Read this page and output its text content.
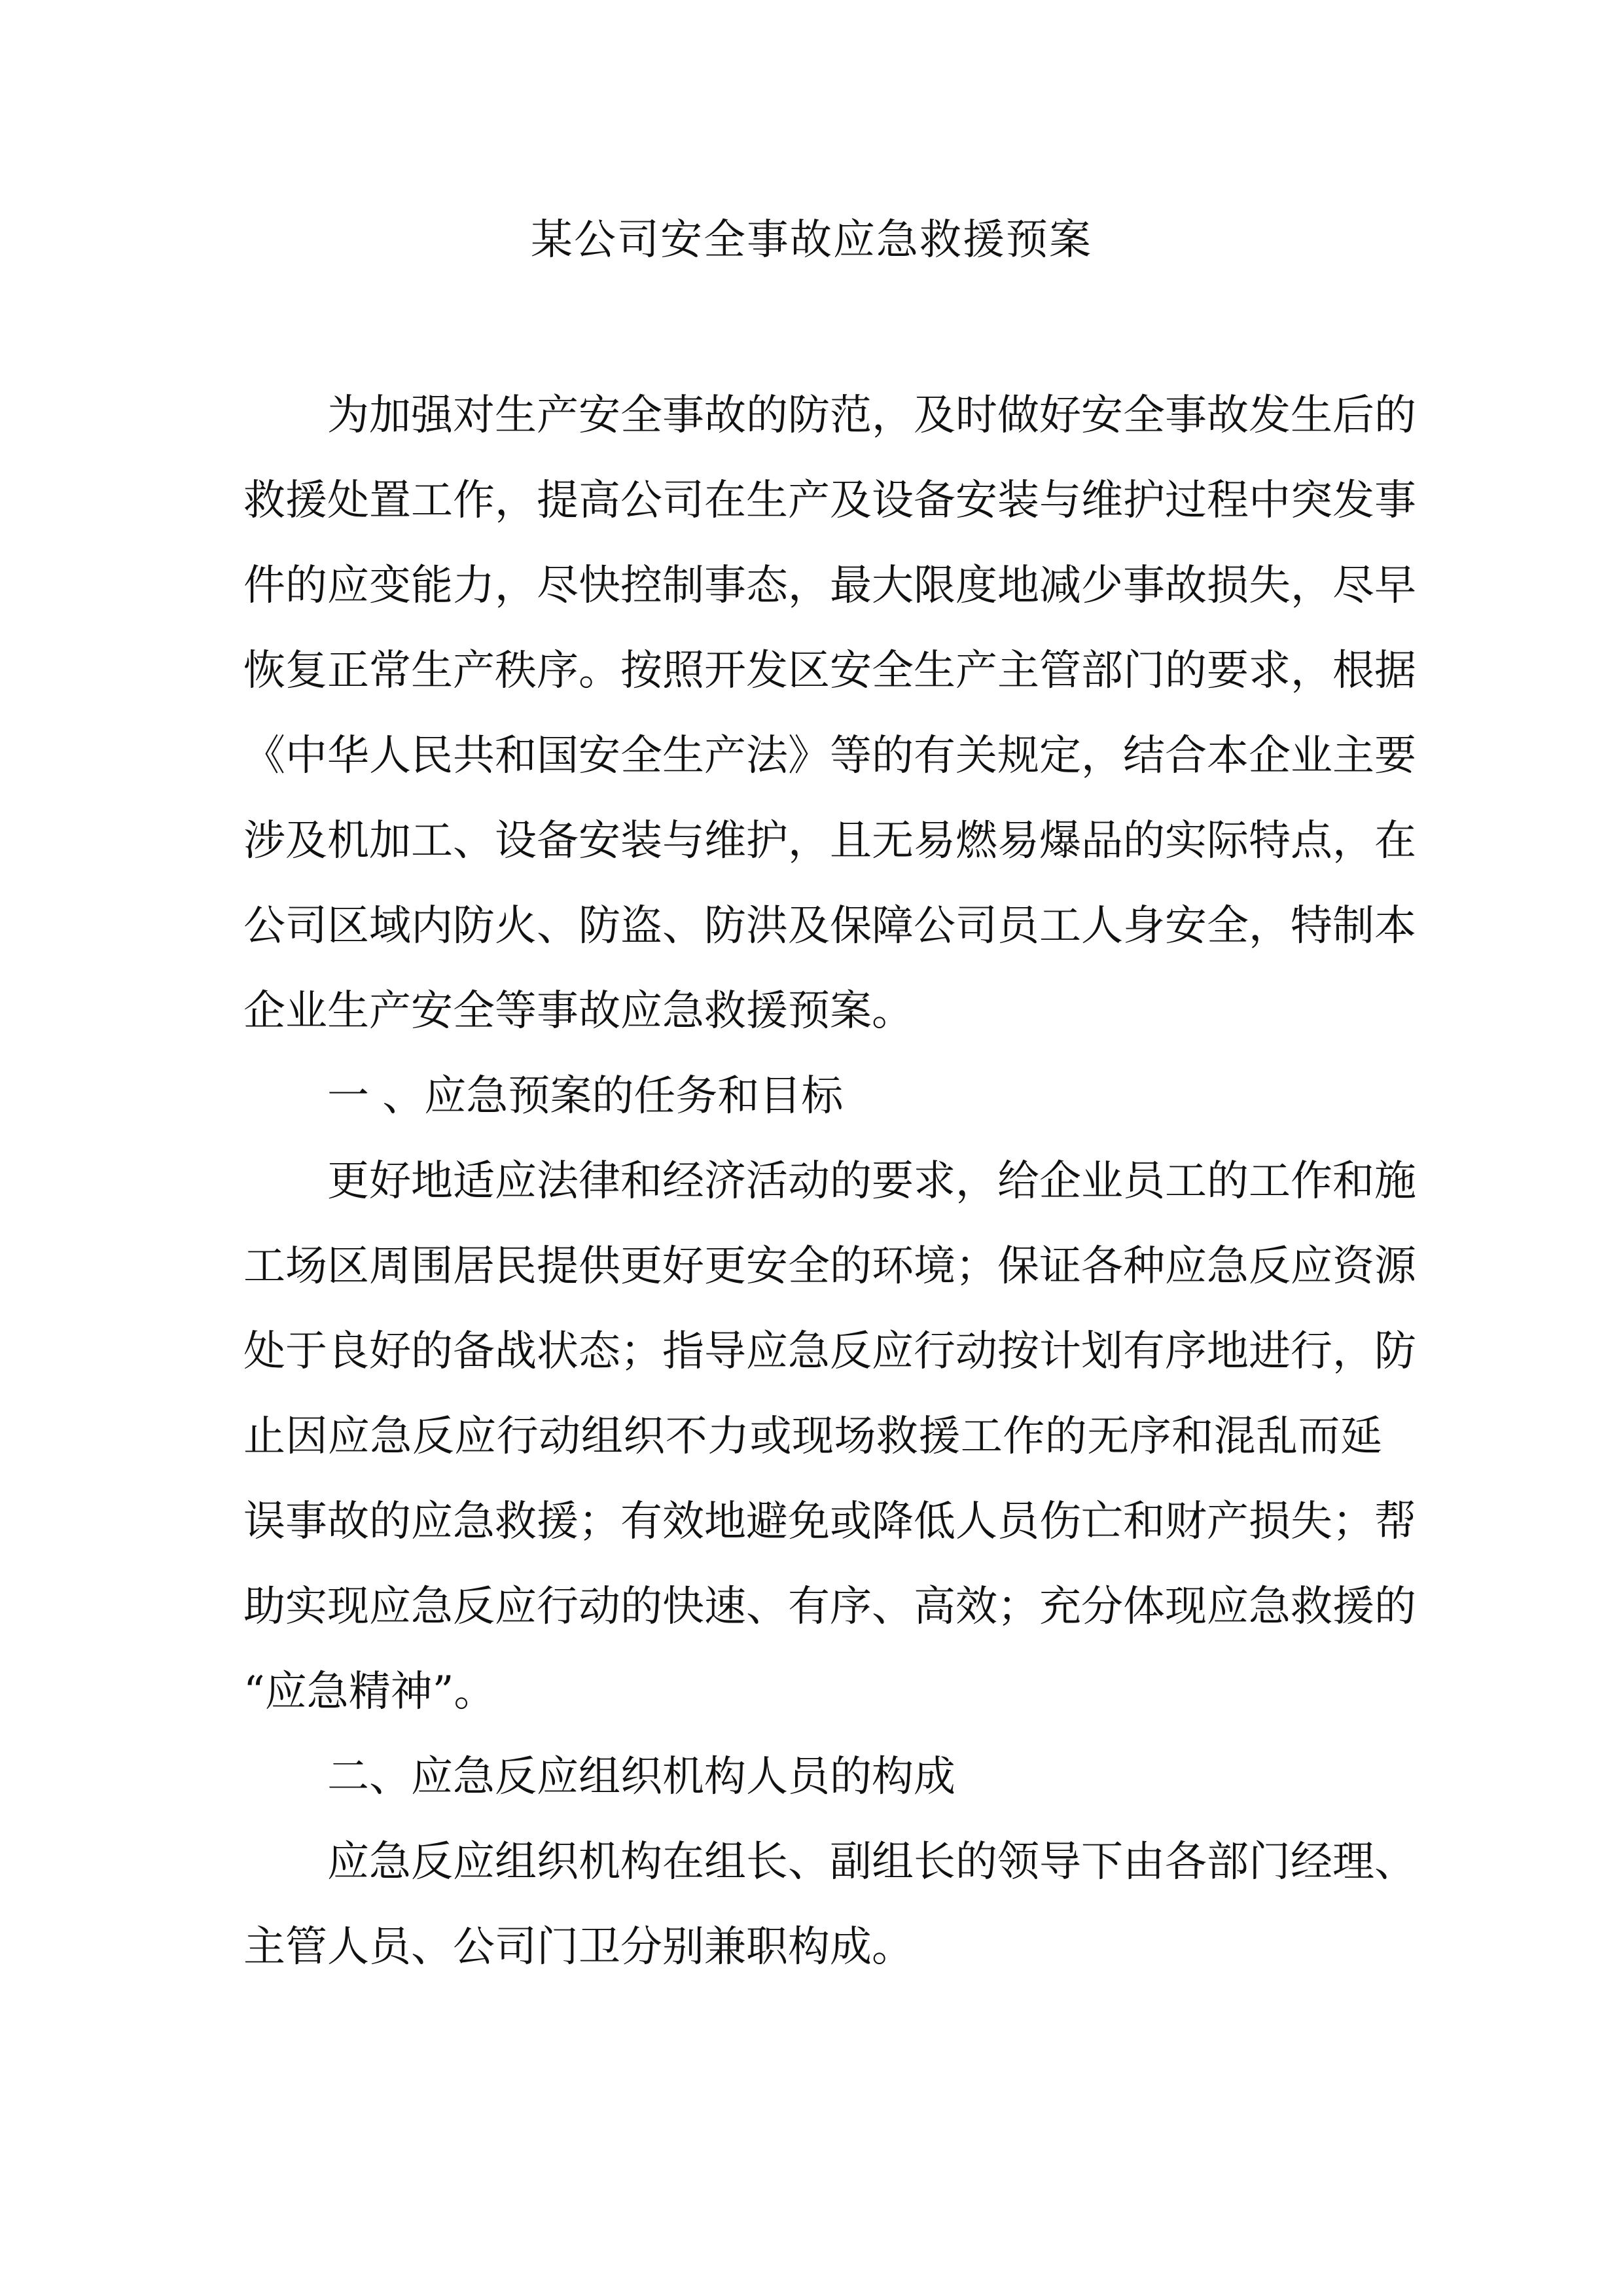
某公司安全事故应急救援预案
为加强对生产安全事故的防范，及时做好安全事故发生后的
救援处置工作，提高公司在生产及设备安装与维护过程中突发事
件的应变能力，尽快控制事态，最大限度地减少事故损失，尽早
恢复正常生产秩序。按照开发区安全生产主管部门的要求，根据
《中华人民共和国安全生产法》等的有关规定，结合本企业主要
涉及机加工、设备安装与维护，且无易燃易爆品的实际特点，在
公司区域内防火、防盗、防洪及保障公司员工人身安全，特制本
企业生产安全等事故应急救援预案。
一 、应急预案的任务和目标
更好地适应法律和经济活动的要求，给企业员工的工作和施
工场区周围居民提供更好更安全的环境；保证各种应急反应资源
处于良好的备战状态；指导应急反应行动按计划有序地进行，防
止因应急反应行动组织不力或现场救援工作的无序和混乱而延
误事故的应急救援；有效地避免或降低人员伤亡和财产损失；帮
助实现应急反应行动的快速、有序、高效；充分体现应急救援的
“应急精神”。
二、应急反应组织机构人员的构成
应急反应组织机构在组长、副组长的领导下由各部门经理、
主管人员、公司门卫分别兼职构成。
